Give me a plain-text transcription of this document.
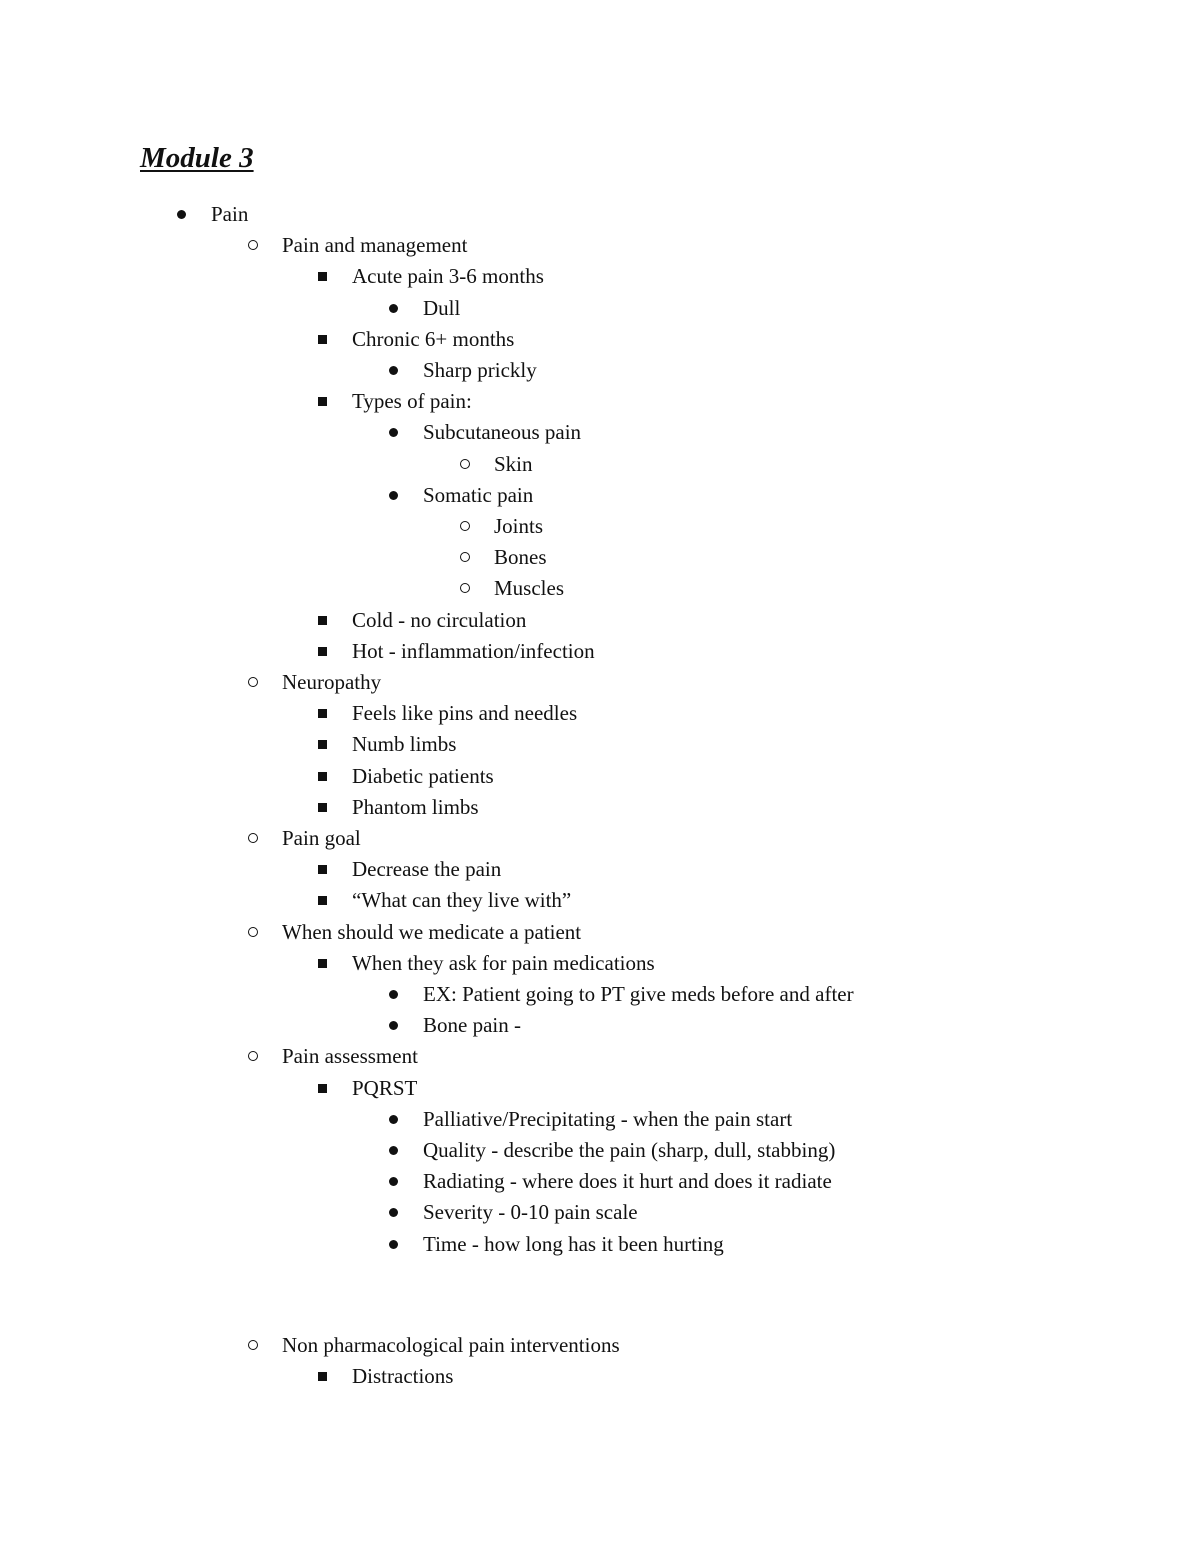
Module 3
Pain
Pain and management
Acute pain 3-6 months
Dull
Chronic 6+ months
Sharp prickly
Types of pain:
Subcutaneous pain
Skin
Somatic pain
Joints
Bones
Muscles
Cold - no circulation
Hot - inflammation/infection
Neuropathy
Feels like pins and needles
Numb limbs
Diabetic patients
Phantom limbs
Pain goal
Decrease the pain
“What can they live with”
When should we medicate a patient
When they ask for pain medications
EX: Patient going to PT give meds before and after
Bone pain -
Pain assessment
PQRST
Palliative/Precipitating - when the pain start
Quality - describe the pain (sharp, dull, stabbing)
Radiating - where does it hurt and does it radiate
Severity - 0-10 pain scale
Time - how long has it been hurting
Non pharmacological pain interventions
Distractions
